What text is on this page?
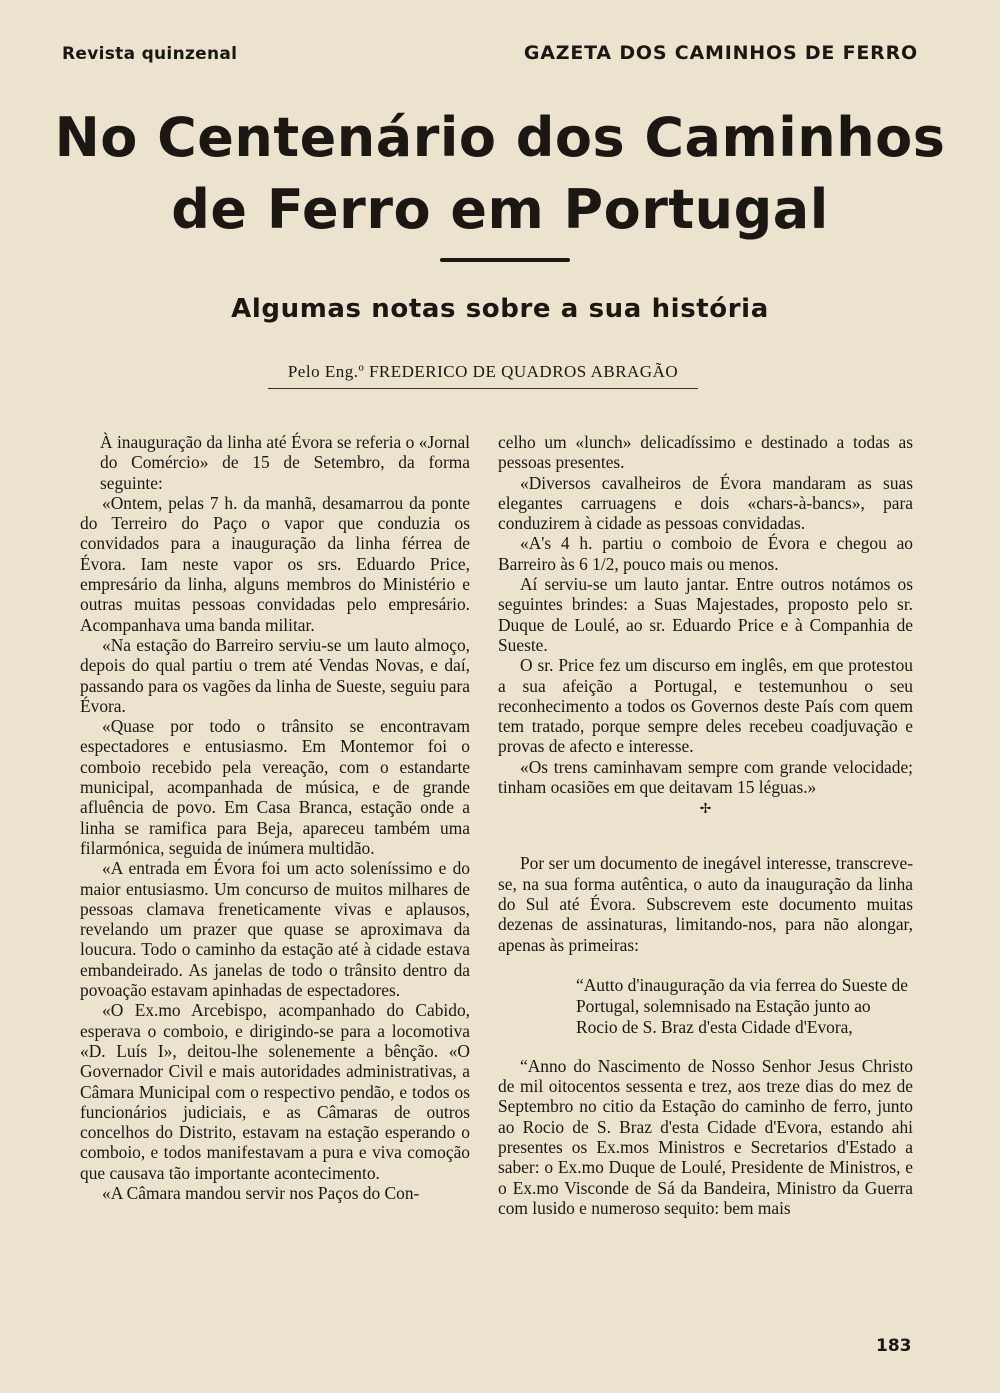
Revista quinzenal	GAZETA DOS CAMINHOS DE FERRO
No Centenário dos Caminhos
de Ferro em Portugal
Algumas notas sobre a sua história
Pelo Eng.º FREDERICO DE QUADROS ABRAGÃO

À inauguração da linha até Évora se referia o «Jornal do Comércio» de 15 de Setembro, da forma seguinte:

«Ontem, pelas 7 h. da manhã, desamarrou da ponte do Terreiro do Paço o vapor que conduzia os convidados para a inauguração da linha férrea de Évora. Iam neste vapor os srs. Eduardo Price, empresário da linha, alguns membros do Ministério e outras muitas pessoas convidadas pelo empresário. Acompanhava uma banda militar.

«Na estação do Barreiro serviu-se um lauto almoço, depois do qual partiu o trem até Vendas Novas, e daí, passando para os vagões da linha de Sueste, seguiu para Évora.

«Quase por todo o trânsito se encontravam espectadores e entusiasmo. Em Montemor foi o comboio recebido pela vereação, com o estandarte municipal, acompanhada de música, e de grande afluência de povo. Em Casa Branca, estação onde a linha se ramifica para Beja, apareceu também uma filarmónica, seguida de inúmera multidão.

«A entrada em Évora foi um acto soleníssimo e do maior entusiasmo. Um concurso de muitos milhares de pessoas clamava freneticamente vivas e aplausos, revelando um prazer que quase se aproximava da loucura. Todo o caminho da estação até à cidade estava embandeirado. As janelas de todo o trânsito dentro da povoação estavam apinhadas de espectadores.

«O Ex.mo Arcebispo, acompanhado do Cabido, esperava o comboio, e dirigindo-se para a locomotiva «D. Luís I», deitou-lhe solenemente a bênção. «O Governador Civil e mais autoridades administrativas, a Câmara Municipal com o respectivo pendão, e todos os funcionários judiciais, e as Câmaras de outros concelhos do Distrito, estavam na estação esperando o comboio, e todos manifestavam a pura e viva comoção que causava tão importante acontecimento.

«A Câmara mandou servir nos Paços do Con-

celho um «lunch» delicadíssimo e destinado a todas as pessoas presentes.

«Diversos cavalheiros de Évora mandaram as suas elegantes carruagens e dois «chars-à-bancs», para conduzirem à cidade as pessoas convidadas.

«A's 4 h. partiu o comboio de Évora e chegou ao Barreiro às 6 1/2, pouco mais ou menos.

Aí serviu-se um lauto jantar. Entre outros notámos os seguintes brindes: a Suas Majestades, proposto pelo sr. Duque de Loulé, ao sr. Eduardo Price e à Companhia de Sueste.

O sr. Price fez um discurso em inglês, em que protestou a sua afeição a Portugal, e testemunhou o seu reconhecimento a todos os Governos deste País com quem tem tratado, porque sempre deles recebeu coadjuvação e provas de afecto e interesse.

«Os trens caminhavam sempre com grande velocidade; tinham ocasiões em que deitavam 15 léguas.»

✢

Por ser um documento de inegável interesse, transcreve-se, na sua forma autêntica, o auto da inauguração da linha do Sul até Évora. Subscrevem este documento muitas dezenas de assinaturas, limitando-nos, para não alongar, apenas às primeiras:

“Autto d'inauguração da via ferrea do Sueste de Portugal, solemnisado na Estação junto ao Rocio de S. Braz d'esta Cidade d'Evora,

“Anno do Nascimento de Nosso Senhor Jesus Christo de mil oitocentos sessenta e trez, aos treze dias do mez de Septembro no citio da Estação do caminho de ferro, junto ao Rocio de S. Braz d'esta Cidade d'Evora, estando ahi presentes os Ex.mos Ministros e Secretarios d'Estado a saber: o Ex.mo Duque de Loulé, Presidente de Ministros, e o Ex.mo Visconde de Sá da Bandeira, Ministro da Guerra com lusido e numeroso sequito: bem mais

183
